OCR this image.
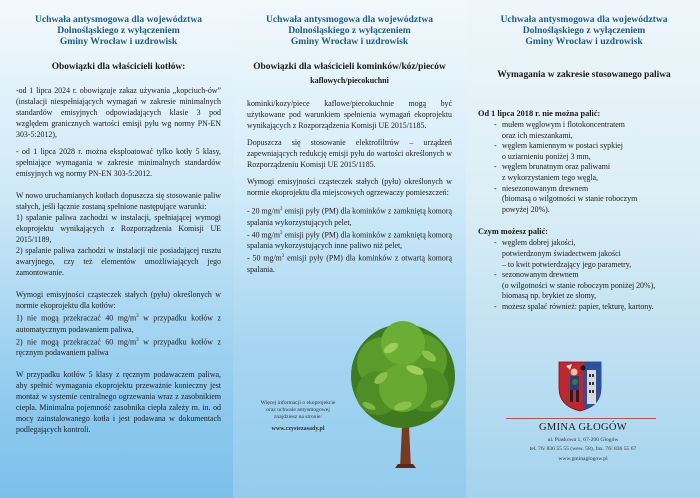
Uchwała antysmogowa dla województwa

Dolnośląskiego z wyłączeniem

Gminy Wrocław i uzdrowisk

Obowiązki dla właścicieli kotłów:

-od 1 lipca 2024 r. obowiązuje zakaz używania „kopciuch-ów” (instalacji niespełniających wymagań w zakresie minimalnych standardów emisyjnych odpowiadających klasie 3 pod względem granicznych wartości emisji pyłu wg normy PN-EN 303-5:2012),

- od 1 lipca 2028 r. można eksploatować tylko kotły 5 klasy, spełniające wymagania w zakresie minimalnych standardów emisyjnych wg normy PN-EN 303-5:2012.

W nowo uruchamianych kotłach dopuszcza się stosowanie paliw stałych, jeśli łącznie zostaną spełnione następujące warunki:

1) spalanie paliwa zachodzi w instalacji, spełniającej wymogi ekoprojektu wynikających z Rozporządzenia Komisji UE 2015/1189,

2) spalanie paliwa zachodzi w instalacji nie posiadającej rusztu awaryjnego, czy też elementów umożliwiających jego zamontowanie.

Wymogi emisyjności cząsteczek stałych (pyłu) określonych w normie ekoprojektu dla kotłów:

1) nie mogą przekraczać 40 $mg/m^3$ w przypadku kotłów z automatycznym podawaniem paliwa,

2) nie mogą przekraczać 60 $mg/m^3$ w przypadku kotłów z ręcznym podawaniem paliwa

W przypadku kotłów 5 klasy z ręcznym podawaczem paliwa, aby spełnić wymagania ekoprojektu przeważnie konieczny jest montaż w systemie centralnego ogrzewania wraz z zasobnikiem ciepła. Minimalna pojemność zasobnika ciepła zależy m. in. od mocy zainstalowanego kotła i jest podawana w dokumentach podlegających kontroli.

Uchwała antysmogowa dla województwa

Dolnośląskiego z wyłączeniem

Gminy Wrocław i uzdrowisk

Obowiązki dla właścicieli kominków/kóz/pieców

kaflowych/piecokuchni

kominki/kozy/piece kaflowe/piecokuchnie mogą być użytkowane pod warunkiem spełnienia wymagań ekoprojektu wynikających z Rozporządzenia Komisji UE 2015/1185.

Dopuszcza się stosowanie elektrofiltrów – urządzeń zapewniających redukcję emisji pyłu do wartości określonych w Rozporządzeniu Komisji UE 2015/1185.

Wymogi emisyjności cząsteczek stałych (pyłu) określonych w normie ekoprojektu dla miejscowych ogrzewaczy pomieszczeń:

- 20 $mg/m^3$ emisji pyły (PM) dla kominków z zamkniętą komorą spalania wykorzystujących pelet,

- 40 $mg/m^3$ emisji pyły (PM) dla kominków z zamkniętą komorą spalania wykorzystujących inne paliwo niż pelet,

- 50 $mg/m^3$ emisji pyły (PM) dla kominków z otwartą komorą spalania.

Więcej informacji o ekoprojekcie
oraz uchwale antysmogowej
znajdziesz na stronie:
www.czystezasady.pl

Uchwała antysmogowa dla województwa

Dolnośląskiego z wyłączeniem

Gminy Wrocław i uzdrowisk

Wymagania w zakresie stosowanego paliwa

Od 1 lipca 2018 r. nie można palić:

- mułem węglowym i flotokoncentratem
oraz ich mieszankami,
- węglem kamiennym w postaci sypkiej
o uziarnieniu poniżej 3 mm,
- węglem brunatnym oraz paliwami
z wykorzystaniem tego węgla,
- niesezonowanym drewnem
(biomasą o wilgotności w stanie roboczym
powyżej 20%).

Czym możesz palić:

- węglem dobrej jakości,
potwierdzonym świadectwem jakości
– to kwit potwierdzający jego parametry,
- sezonowanym drewnem
(o wilgotności w stanie roboczym poniżej 20%),
biomasą np. brykiet ze słomy,
- możesz spalać również: papier, tekturę, kartony.
GMINA GŁOGÓW
ul. Piaskowa 1, 67-200 Głogów
tel. 76/ 836 55 55 (wew. 58), fax. 76/ 836 55 67
www.gminaglogow.pl
